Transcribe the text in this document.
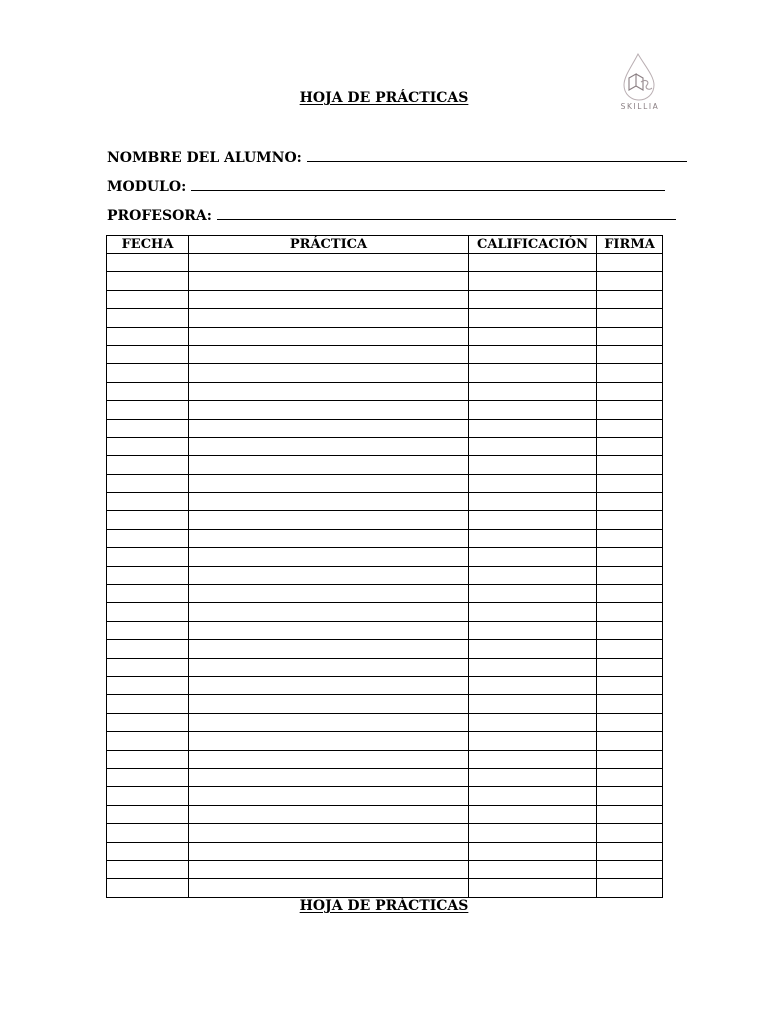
SKILLIA
HOJA DE PRÁCTICAS
NOMBRE DEL ALUMNO:
MODULO:
PROFESORA:
FECHA	PRÁCTICA	CALIFICACIÓN	FIRMA

HOJA DE PRÁCTICAS
